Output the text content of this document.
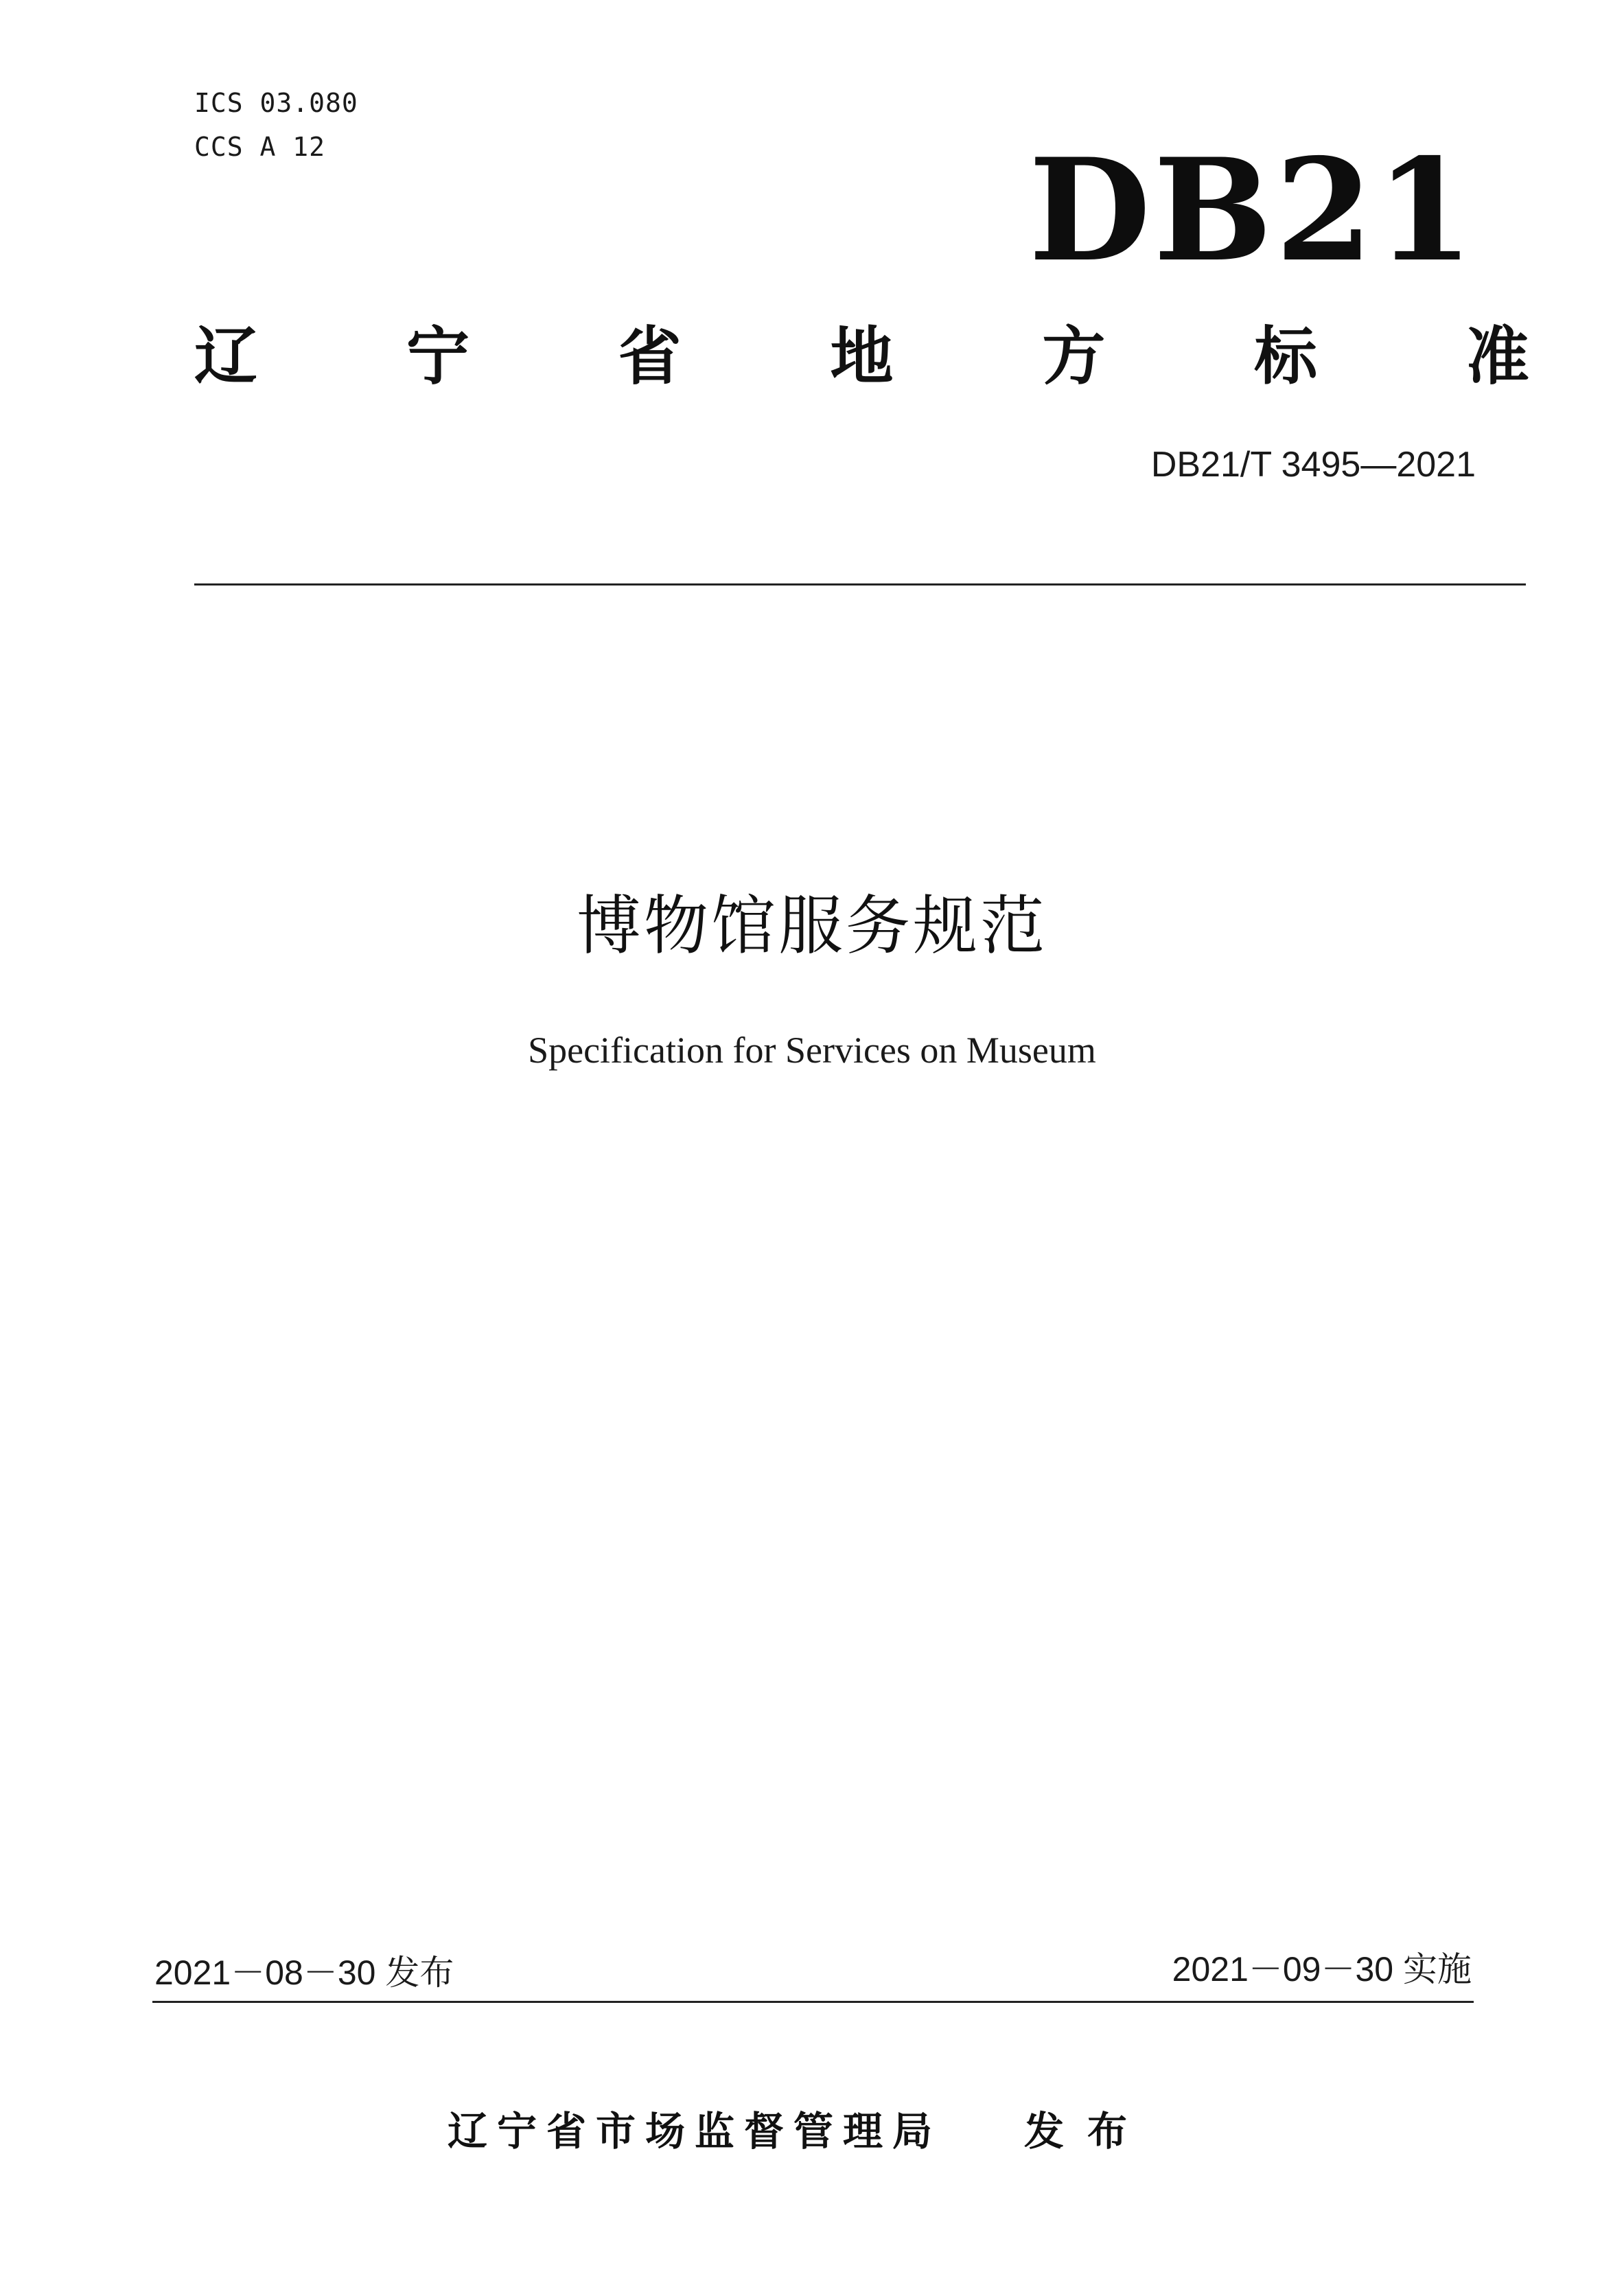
ICS 03.080
CCS A 12	DB21
辽 宁 省 地 方 标 准
DB21/T 3495—2021
博物馆服务规范
Specification for Services on Museum
2021－08－30 发布	2021－09－30 实施
辽宁省市场监督管理局 发布
